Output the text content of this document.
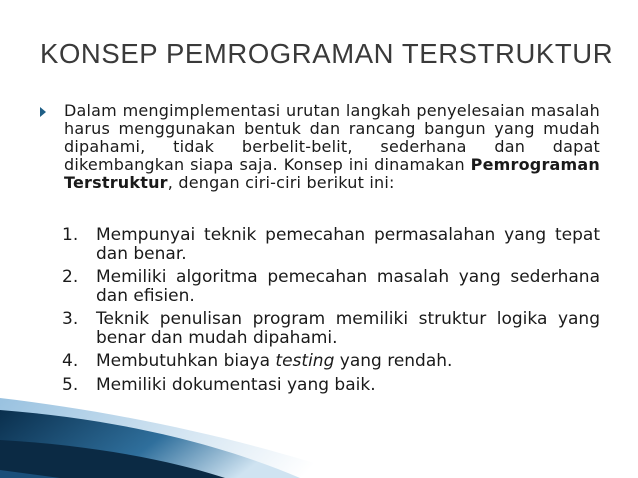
KONSEP PEMROGRAMAN TERSTRUKTUR
Dalam mengimplementasi urutan langkah penyelesaian masalah harus menggunakan bentuk dan rancang bangun yang mudah dipahami, tidak berbelit-belit, sederhana dan dapat dikembangkan siapa saja. Konsep ini dinamakan Pemrograman Terstruktur, dengan ciri-ciri berikut ini:
1. Mempunyai teknik pemecahan permasalahan yang tepat dan benar.
2. Memiliki algoritma pemecahan masalah yang sederhana dan efisien.
3. Teknik penulisan program memiliki struktur logika yang benar dan mudah dipahami.
4. Membutuhkan biaya testing yang rendah.
5. Memiliki dokumentasi yang baik.
